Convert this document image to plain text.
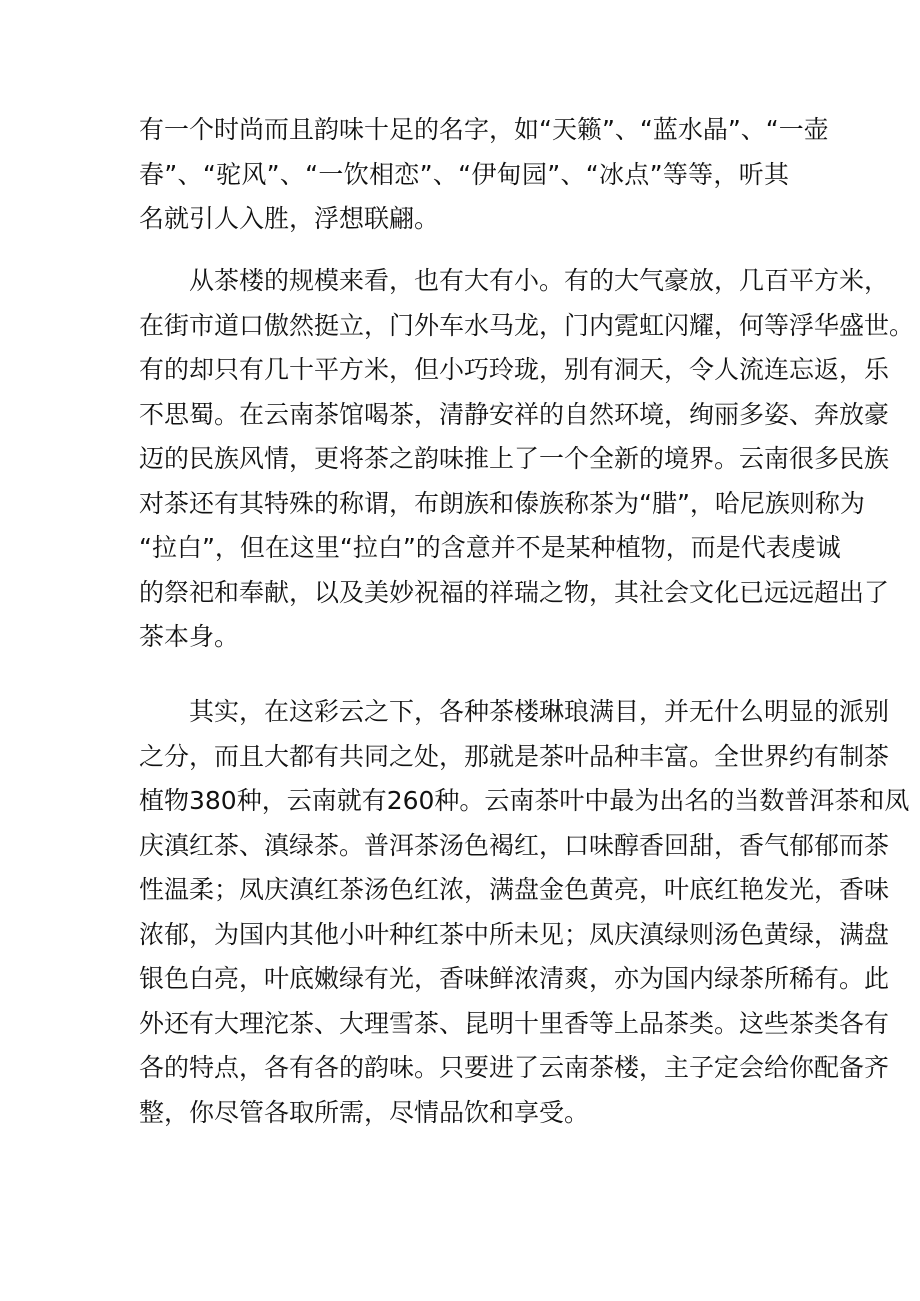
有一个时尚而且韵味十足的名字，如“天籁”、“蓝水晶”、“一壶
春”、“驼风”、“一饮相恋”、“伊甸园”、“冰点”等等，听其
名就引人入胜，浮想联翩。
从茶楼的规模来看，也有大有小。有的大气豪放，几百平方米，
在街市道口傲然挺立，门外车水马龙，门内霓虹闪耀，何等浮华盛世。
有的却只有几十平方米，但小巧玲珑，别有洞天，令人流连忘返，乐
不思蜀。在云南茶馆喝茶，清静安祥的自然环境，绚丽多姿、奔放豪
迈的民族风情，更将茶之韵味推上了一个全新的境界。云南很多民族
对茶还有其特殊的称谓，布朗族和傣族称茶为“腊”，哈尼族则称为
“拉白”，但在这里“拉白”的含意并不是某种植物，而是代表虔诚
的祭祀和奉献，以及美妙祝福的祥瑞之物，其社会文化已远远超出了
茶本身。
其实，在这彩云之下，各种茶楼琳琅满目，并无什么明显的派别
之分，而且大都有共同之处，那就是茶叶品种丰富。全世界约有制茶
植物380种，云南就有260种。云南茶叶中最为出名的当数普洱茶和凤
庆滇红茶、滇绿茶。普洱茶汤色褐红，口味醇香回甜，香气郁郁而茶
性温柔；凤庆滇红茶汤色红浓，满盘金色黄亮，叶底红艳发光，香味
浓郁，为国内其他小叶种红茶中所未见；凤庆滇绿则汤色黄绿，满盘
银色白亮，叶底嫩绿有光，香味鲜浓清爽，亦为国内绿茶所稀有。此
外还有大理沱茶、大理雪茶、昆明十里香等上品茶类。这些茶类各有
各的特点，各有各的韵味。只要进了云南茶楼，主子定会给你配备齐
整，你尽管各取所需，尽情品饮和享受。
